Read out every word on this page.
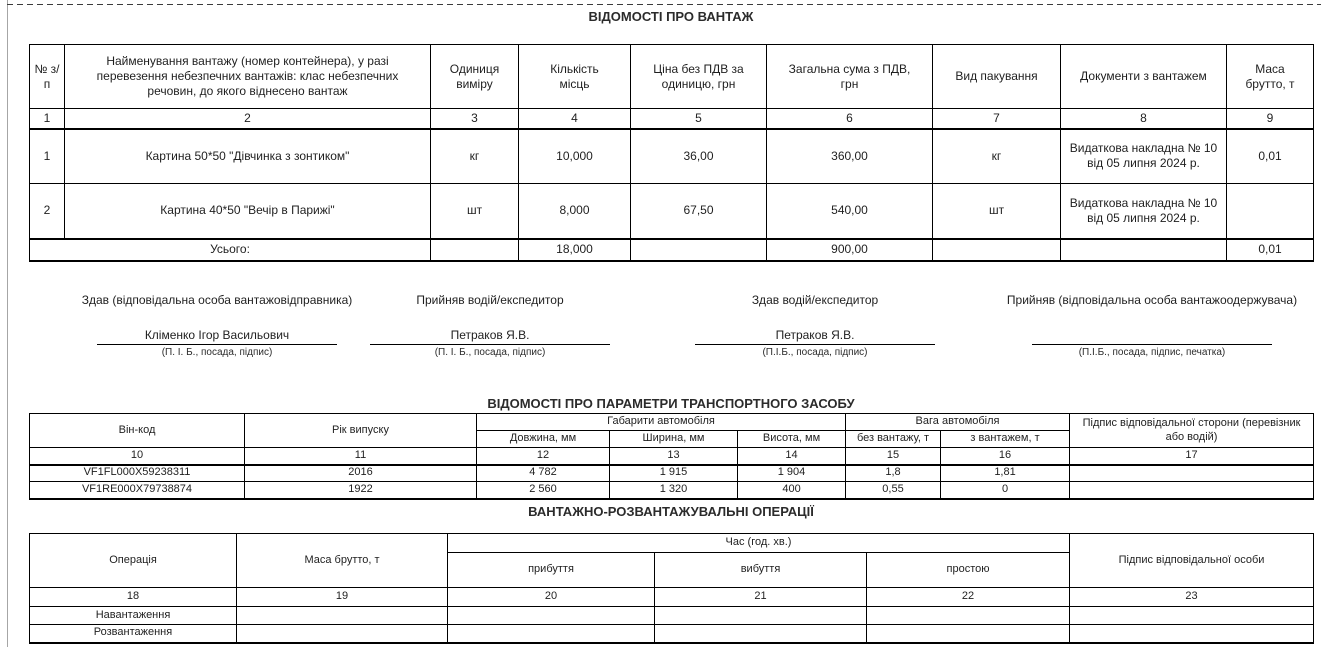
ВІДОМОСТІ ПРО ВАНТАЖ
№ з/п	Найменування вантажу (номер контейнера), у разі перевезення небезпечних вантажів: клас небезпечних речовин, до якого віднесено вантаж	Одиниця виміру	Кількість місць	Ціна без ПДВ за одиницю, грн	Загальна сума з ПДВ, грн	Вид пакування	Документи з вантажем	Маса брутто, т
1	2	3	4	5	6	7	8	9
1	Картина 50*50 "Дівчинка з зонтиком"	кг	10,000	36,00	360,00	кг	Видаткова накладна № 10 від 05 липня 2024 р.	0,01
2	Картина 40*50 "Вечір в Парижі"	шт	8,000	67,50	540,00	шт	Видаткова накладна № 10 від 05 липня 2024 р.	
Усього:			18,000		900,00			0,01
Здав (відповідальна особа вантажовідправника)
Кліменко Ігор Васильович
(П. І. Б., посада, підпис)
Прийняв водій/експедитор
Петраков Я.В.
(П. І. Б., посада, підпис)
Здав водій/експедитор
Петраков Я.В.
(П.І.Б., посада, підпис)
Прийняв (відповідальна особа вантажоодержувача)
(П.І.Б., посада, підпис, печатка)
ВІДОМОСТІ ПРО ПАРАМЕТРИ ТРАНСПОРТНОГО ЗАСОБУ
Він-код	Рік випуску	Габарити автомобіля			Вага автомобіля		Підпис відповідальної сторони (перевізник або водій)
		Довжина, мм	Ширина, мм	Висота, мм	без вантажу, т	з вантажем, т	
10	11	12	13	14	15	16	17
VF1FL000X59238311	2016	4 782	1 915	1 904	1,8	1,81	
VF1RE000X79738874	1922	2 560	1 320	400	0,55	0	
ВАНТАЖНО-РОЗВАНТАЖУВАЛЬНІ ОПЕРАЦІЇ
Операція	Маса брутто, т	Час (год. хв.)			Підпис відповідальної особи
		прибуття	вибуття	простою	
18	19	20	21	22	23
Навантаження					
Розвантаження					
